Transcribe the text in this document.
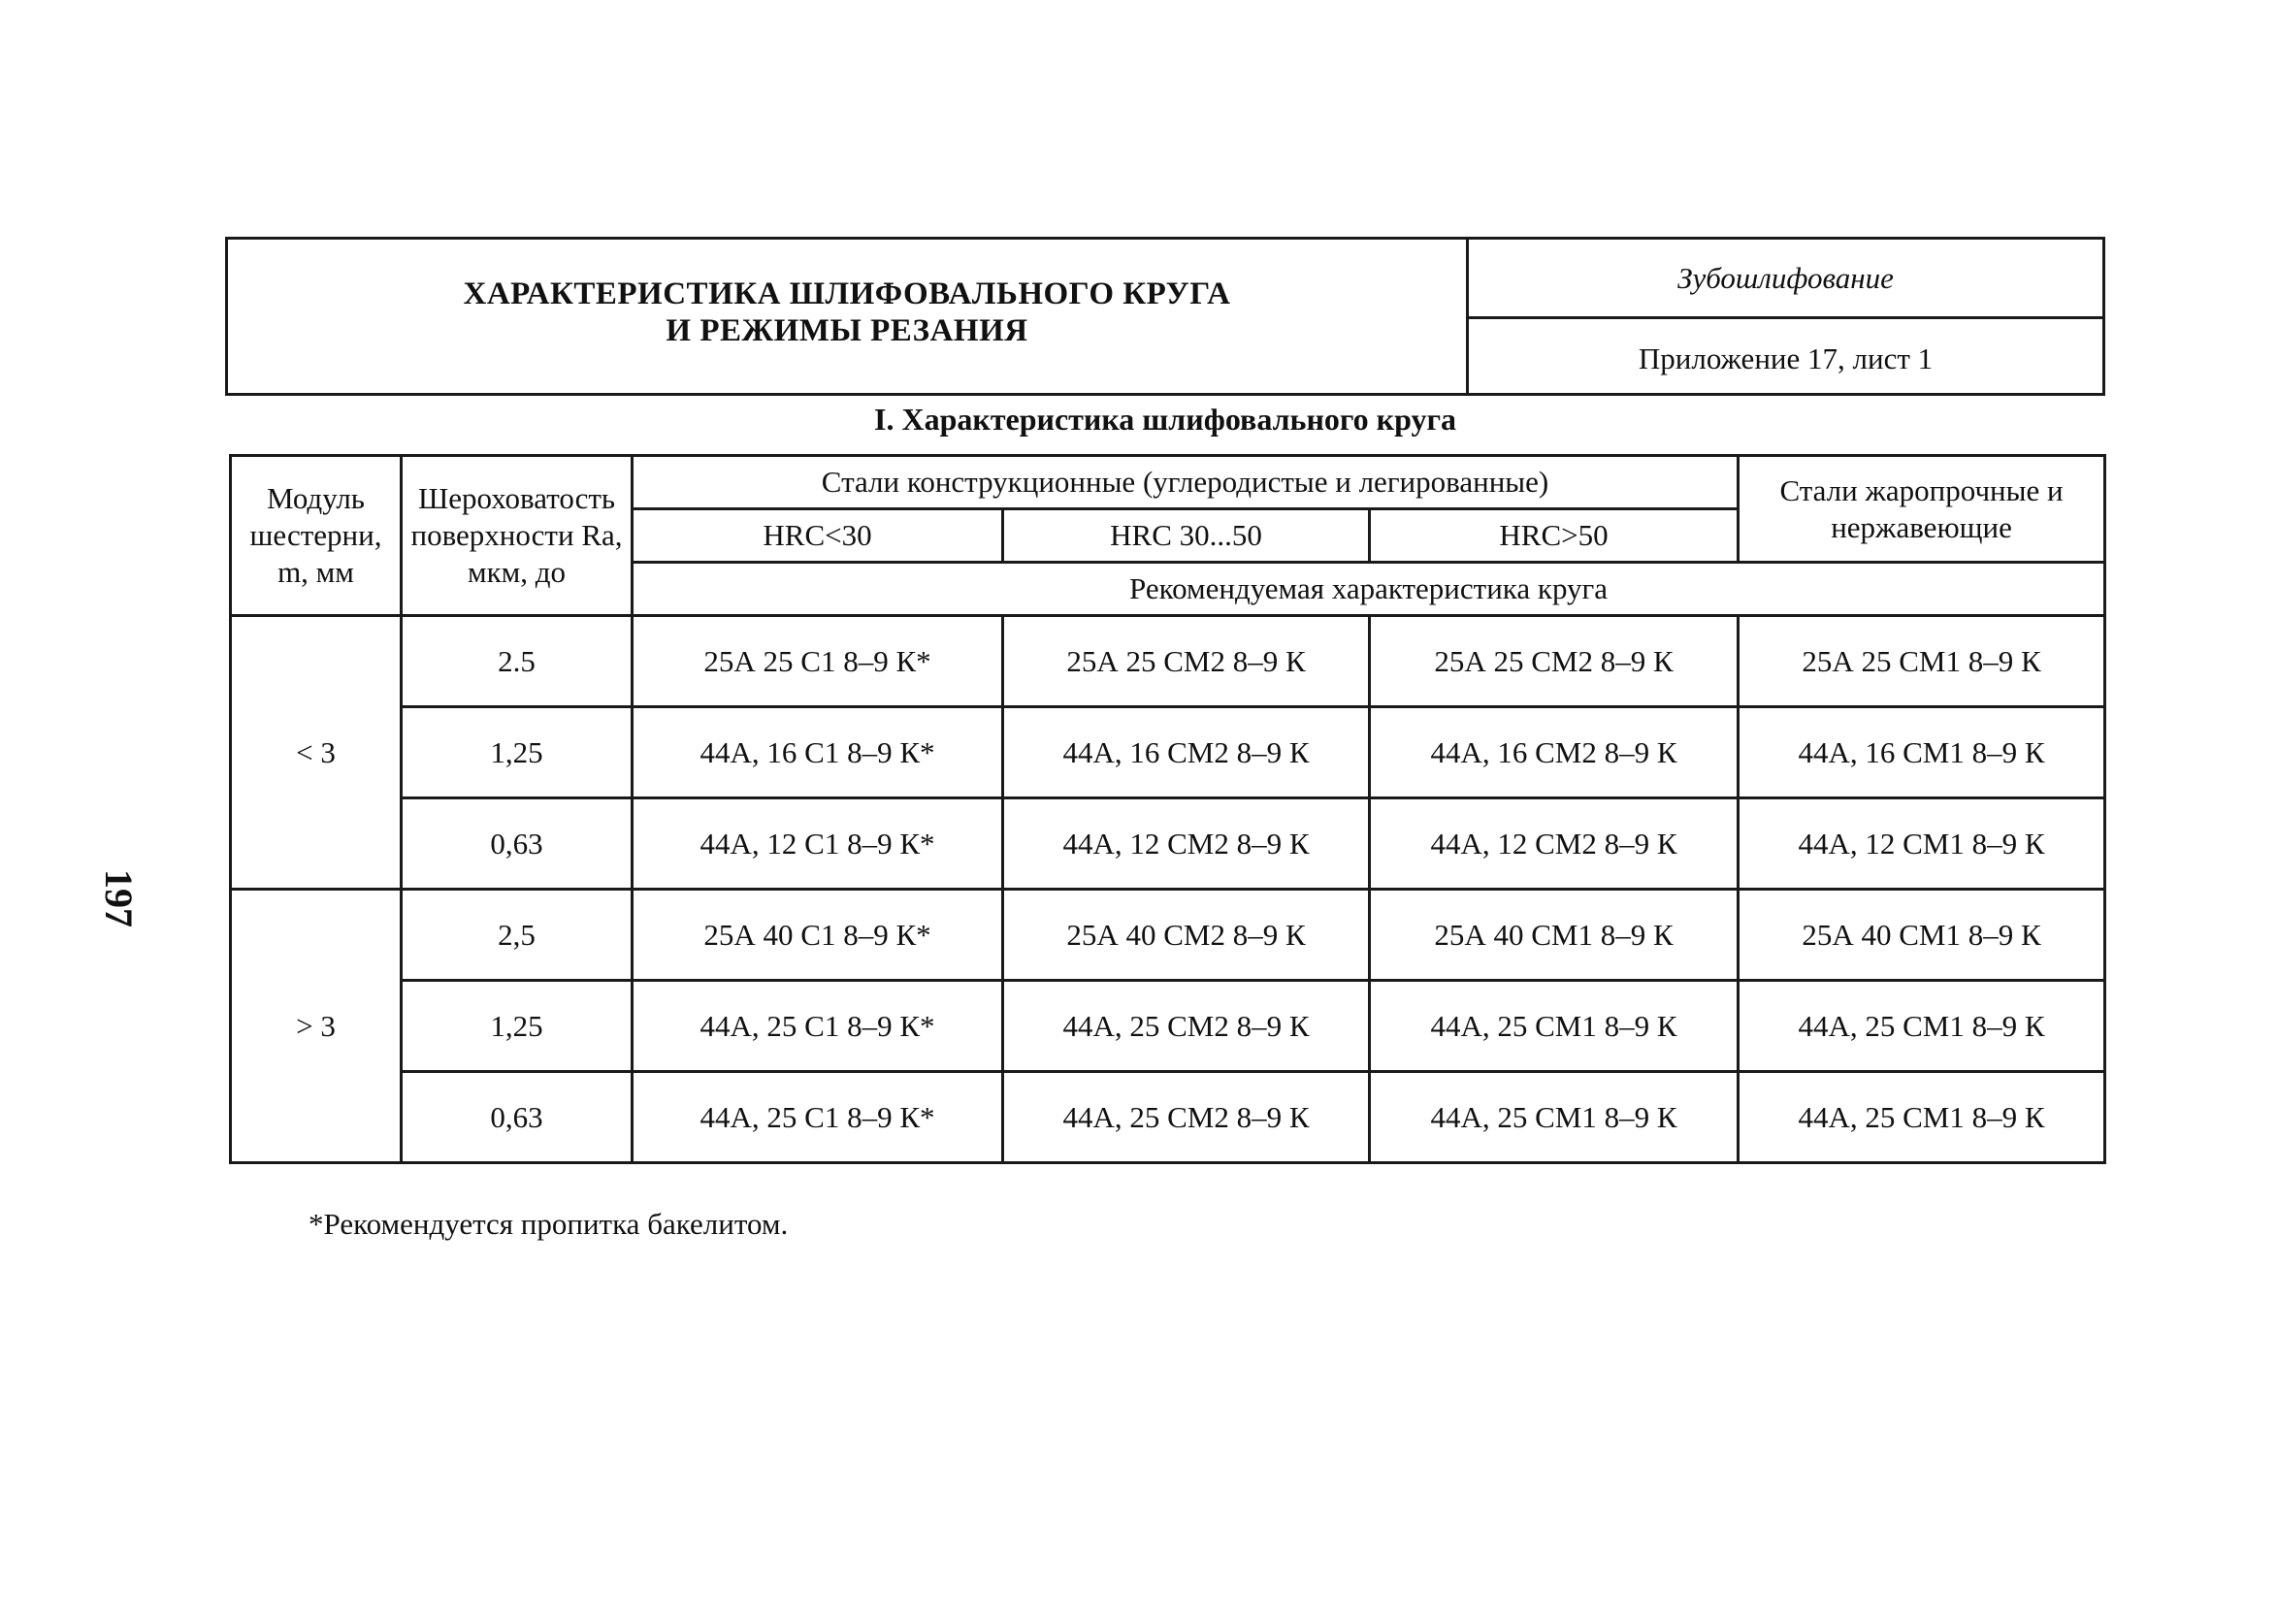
ХАРАКТЕРИСТИКА ШЛИФОВАЛЬНОГО КРУГА
И РЕЖИМЫ РЕЗАНИЯ
Зубошлифование
Приложение 17, лист 1
I. Характеристика шлифовального круга
Модуль шестерни, m, мм	Шероховатость поверхности Ra, мкм, до	Стали конструкционные (углеродистые и легированные)			Стали жаропрочные и нержавеющие
		HRC<30	HRC 30...50	HRC>50	
		Рекомендуемая характеристика круга			
< 3	2.5	25А 25 С1 8–9 К*	25А 25 СМ2 8–9 К	25А 25 СМ2 8–9 К	25А 25 СМ1 8–9 К
	1,25	44А, 16 С1 8–9 К*	44А, 16 СМ2 8–9 К	44А, 16 СМ2 8–9 К	44А, 16 СМ1 8–9 К
	0,63	44А, 12 С1 8–9 К*	44А, 12 СМ2 8–9 К	44А, 12 СМ2 8–9 К	44А, 12 СМ1 8–9 К
> 3	2,5	25А 40 С1 8–9 К*	25А 40 СМ2 8–9 К	25А 40 СМ1 8–9 К	25А 40 СМ1 8–9 К
	1,25	44А, 25 С1 8–9 К*	44А, 25 СМ2 8–9 К	44А, 25 СМ1 8–9 К	44А, 25 СМ1 8–9 К
	0,63	44А, 25 С1 8–9 К*	44А, 25 СМ2 8–9 К	44А, 25 СМ1 8–9 К	44А, 25 СМ1 8–9 К
*Рекомендуется пропитка бакелитом.
197
